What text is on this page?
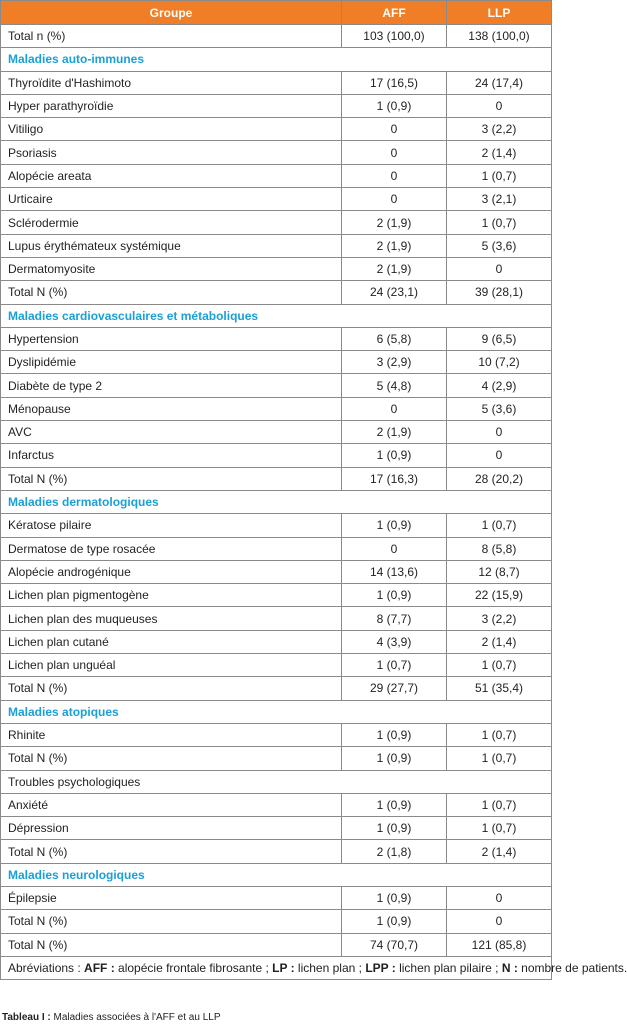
Groupe	AFF	LLP
Total n (%)	103 (100,0)	138 (100,0)
Maladies auto-immunes		
Thyroïdite d'Hashimoto	17 (16,5)	24 (17,4)
Hyper parathyroïdie	1 (0,9)	0
Vitiligo	0	3 (2,2)
Psoriasis	0	2 (1,4)
Alopécie areata	0	1 (0,7)
Urticaire	0	3 (2,1)
Sclérodermie	2 (1,9)	1 (0,7)
Lupus érythémateux systémique	2 (1,9)	5 (3,6)
Dermatomyosite	2 (1,9)	0
Total N (%)	24 (23,1)	39 (28,1)
Maladies cardiovasculaires et métaboliques		
Hypertension	6 (5,8)	9 (6,5)
Dyslipidémie	3 (2,9)	10 (7,2)
Diabète de type 2	5 (4,8)	4 (2,9)
Ménopause	0	5 (3,6)
AVC	2 (1,9)	0
Infarctus	1 (0,9)	0
Total N (%)	17 (16,3)	28 (20,2)
Maladies dermatologiques		
Kératose pilaire	1 (0,9)	1 (0,7)
Dermatose de type rosacée	0	8 (5,8)
Alopécie androgénique	14 (13,6)	12 (8,7)
Lichen plan pigmentogène	1 (0,9)	22 (15,9)
Lichen plan des muqueuses	8 (7,7)	3 (2,2)
Lichen plan cutané	4 (3,9)	2 (1,4)
Lichen plan unguéal	1 (0,7)	1 (0,7)
Total N (%)	29 (27,7)	51 (35,4)
Maladies atopiques		
Rhinite	1 (0,9)	1 (0,7)
Total N (%)	1 (0,9)	1 (0,7)
Troubles psychologiques		
Anxiété	1 (0,9)	1 (0,7)
Dépression	1 (0,9)	1 (0,7)
Total N (%)	2 (1,8)	2 (1,4)
Maladies neurologiques		
Épilepsie	1 (0,9)	0
Total N (%)	1 (0,9)	0
Total N (%)	74 (70,7)	121 (85,8)
Abréviations : AFF : alopécie frontale fibrosante ; LP : lichen plan ; LPP : lichen plan pilaire ; N : nombre de patients.		
Tableau I : Maladies associées à l'AFF et au LLP
